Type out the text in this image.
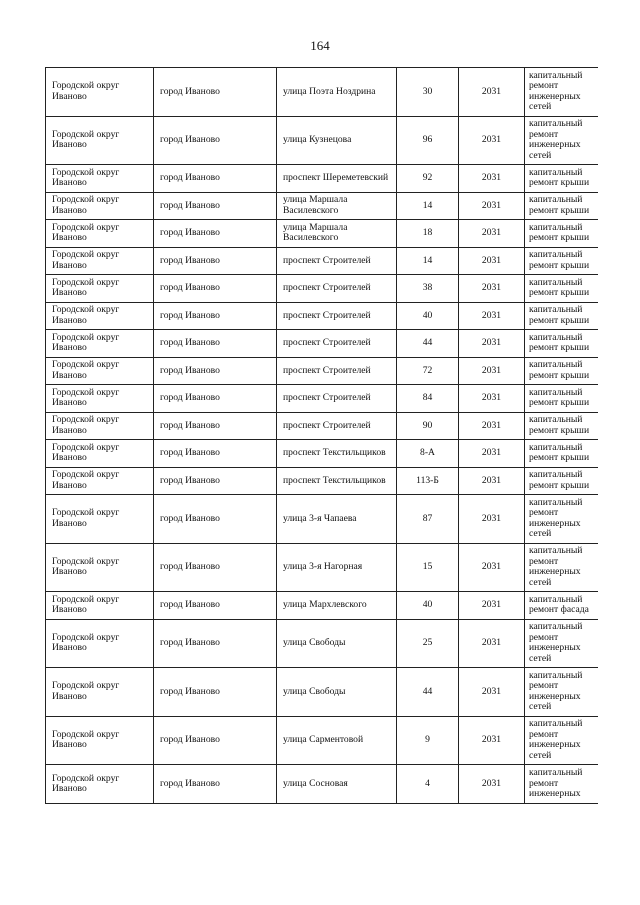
164
Городской округ Иваново	город Иваново	улица Поэта Ноздрина	30	2031	капитальный ремонт инженерных сетей
Городской округ Иваново	город Иваново	улица Кузнецова	96	2031	капитальный ремонт инженерных сетей
Городской округ Иваново	город Иваново	проспект Шереметевский	92	2031	капитальный ремонт крыши
Городской округ Иваново	город Иваново	улица Маршала Василевского	14	2031	капитальный ремонт крыши
Городской округ Иваново	город Иваново	улица Маршала Василевского	18	2031	капитальный ремонт крыши
Городской округ Иваново	город Иваново	проспект Строителей	14	2031	капитальный ремонт крыши
Городской округ Иваново	город Иваново	проспект Строителей	38	2031	капитальный ремонт крыши
Городской округ Иваново	город Иваново	проспект Строителей	40	2031	капитальный ремонт крыши
Городской округ Иваново	город Иваново	проспект Строителей	44	2031	капитальный ремонт крыши
Городской округ Иваново	город Иваново	проспект Строителей	72	2031	капитальный ремонт крыши
Городской округ Иваново	город Иваново	проспект Строителей	84	2031	капитальный ремонт крыши
Городской округ Иваново	город Иваново	проспект Строителей	90	2031	капитальный ремонт крыши
Городской округ Иваново	город Иваново	проспект Текстильщиков	8-А	2031	капитальный ремонт крыши
Городской округ Иваново	город Иваново	проспект Текстильщиков	113-Б	2031	капитальный ремонт крыши
Городской округ Иваново	город Иваново	улица 3-я Чапаева	87	2031	капитальный ремонт инженерных сетей
Городской округ Иваново	город Иваново	улица 3-я Нагорная	15	2031	капитальный ремонт инженерных сетей
Городской округ Иваново	город Иваново	улица Мархлевского	40	2031	капитальный ремонт фасада
Городской округ Иваново	город Иваново	улица Свободы	25	2031	капитальный ремонт инженерных сетей
Городской округ Иваново	город Иваново	улица Свободы	44	2031	капитальный ремонт инженерных сетей
Городской округ Иваново	город Иваново	улица Сарментовой	9	2031	капитальный ремонт инженерных сетей
Городской округ Иваново	город Иваново	улица Сосновая	4	2031	капитальный ремонт инженерных
